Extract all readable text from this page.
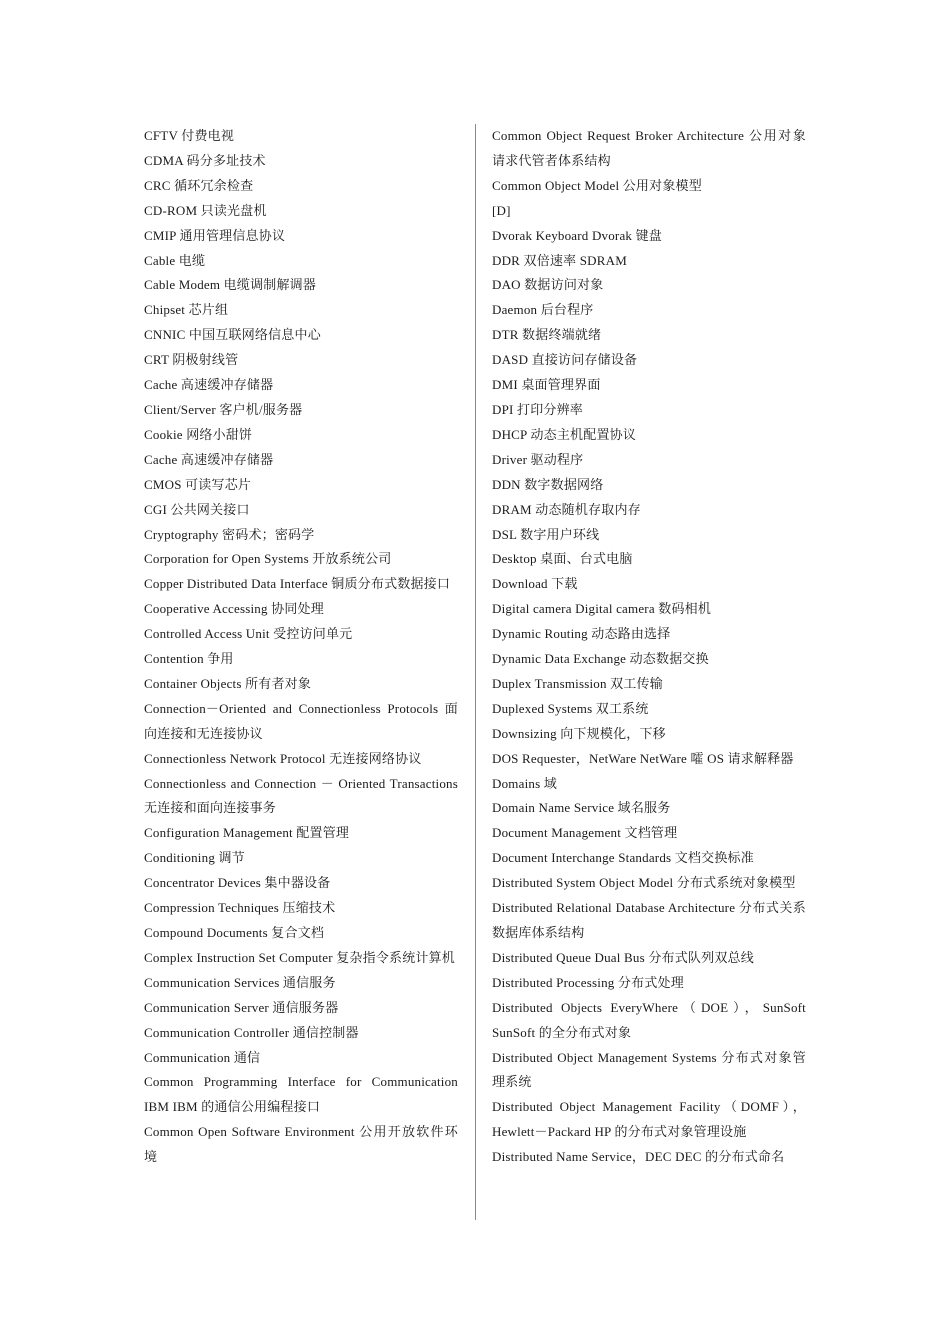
CFTV 付费电视

CDMA 码分多址技术

CRC 循环冗余检查

CD-ROM 只读光盘机

CMIP 通用管理信息协议

Cable 电缆

Cable Modem 电缆调制解调器

Chipset 芯片组

CNNIC 中国互联网络信息中心

CRT 阴极射线管

Cache 高速缓冲存储器

Client/Server 客户机/服务器

Cookie 网络小甜饼

Cache 高速缓冲存储器

CMOS 可读写芯片

CGI 公共网关接口

Cryptography 密码术；密码学

Corporation for Open Systems 开放系统公司

Copper Distributed Data Interface 铜质分布式数据接口

Cooperative Accessing 协同处理

Controlled Access Unit 受控访问单元

Contention 争用

Container Objects 所有者对象

Connection－Oriented and Connectionless Protocols 面向连接和无连接协议

Connectionless Network Protocol 无连接网络协议

Connectionless and Connection － Oriented Transactions 无连接和面向连接事务

Configuration Management 配置管理

Conditioning 调节

Concentrator Devices 集中器设备

Compression Techniques 压缩技术

Compound Documents 复合文档

Complex Instruction Set Computer 复杂指令系统计算机

Communication Services 通信服务

Communication Server 通信服务器

Communication Controller 通信控制器

Communication 通信

Common Programming Interface for Communication IBM IBM 的通信公用编程接口

Common Open Software Environment 公用开放软件环境

Common Object Request Broker Architecture 公用对象请求代管者体系结构

Common Object Model 公用对象模型

[D]

Dvorak Keyboard Dvorak 键盘

DDR 双倍速率 SDRAM

DAO 数据访问对象

Daemon 后台程序

DTR 数据终端就绪

DASD 直接访问存储设备

DMI 桌面管理界面

DPI 打印分辨率

DHCP 动态主机配置协议

Driver 驱动程序

DDN 数字数据网络

DRAM 动态随机存取内存

DSL 数字用户环线

Desktop 桌面、台式电脑

Download 下载

Digital camera Digital camera 数码相机

Dynamic Routing 动态路由选择

Dynamic Data Exchange 动态数据交换

Duplex Transmission 双工传输

Duplexed Systems 双工系统

Downsizing 向下规模化，下移

DOS Requester，NetWare NetWare 嚯 OS 请求解释器

Domains 域

Domain Name Service 域名服务

Document Management 文档管理

Document Interchange Standards 文档交换标准

Distributed System Object Model 分布式系统对象模型

Distributed Relational Database Architecture 分布式关系数据库体系结构

Distributed Queue Dual Bus 分布式队列双总线

Distributed Processing 分布式处理

Distributed Objects EveryWhere（DOE），SunSoft SunSoft 的全分布式对象

Distributed Object Management Systems 分布式对象管理系统

Distributed Object Management Facility（DOMF），Hewlett－Packard HP 的分布式对象管理设施

Distributed Name Service，DEC DEC 的分布式命名
